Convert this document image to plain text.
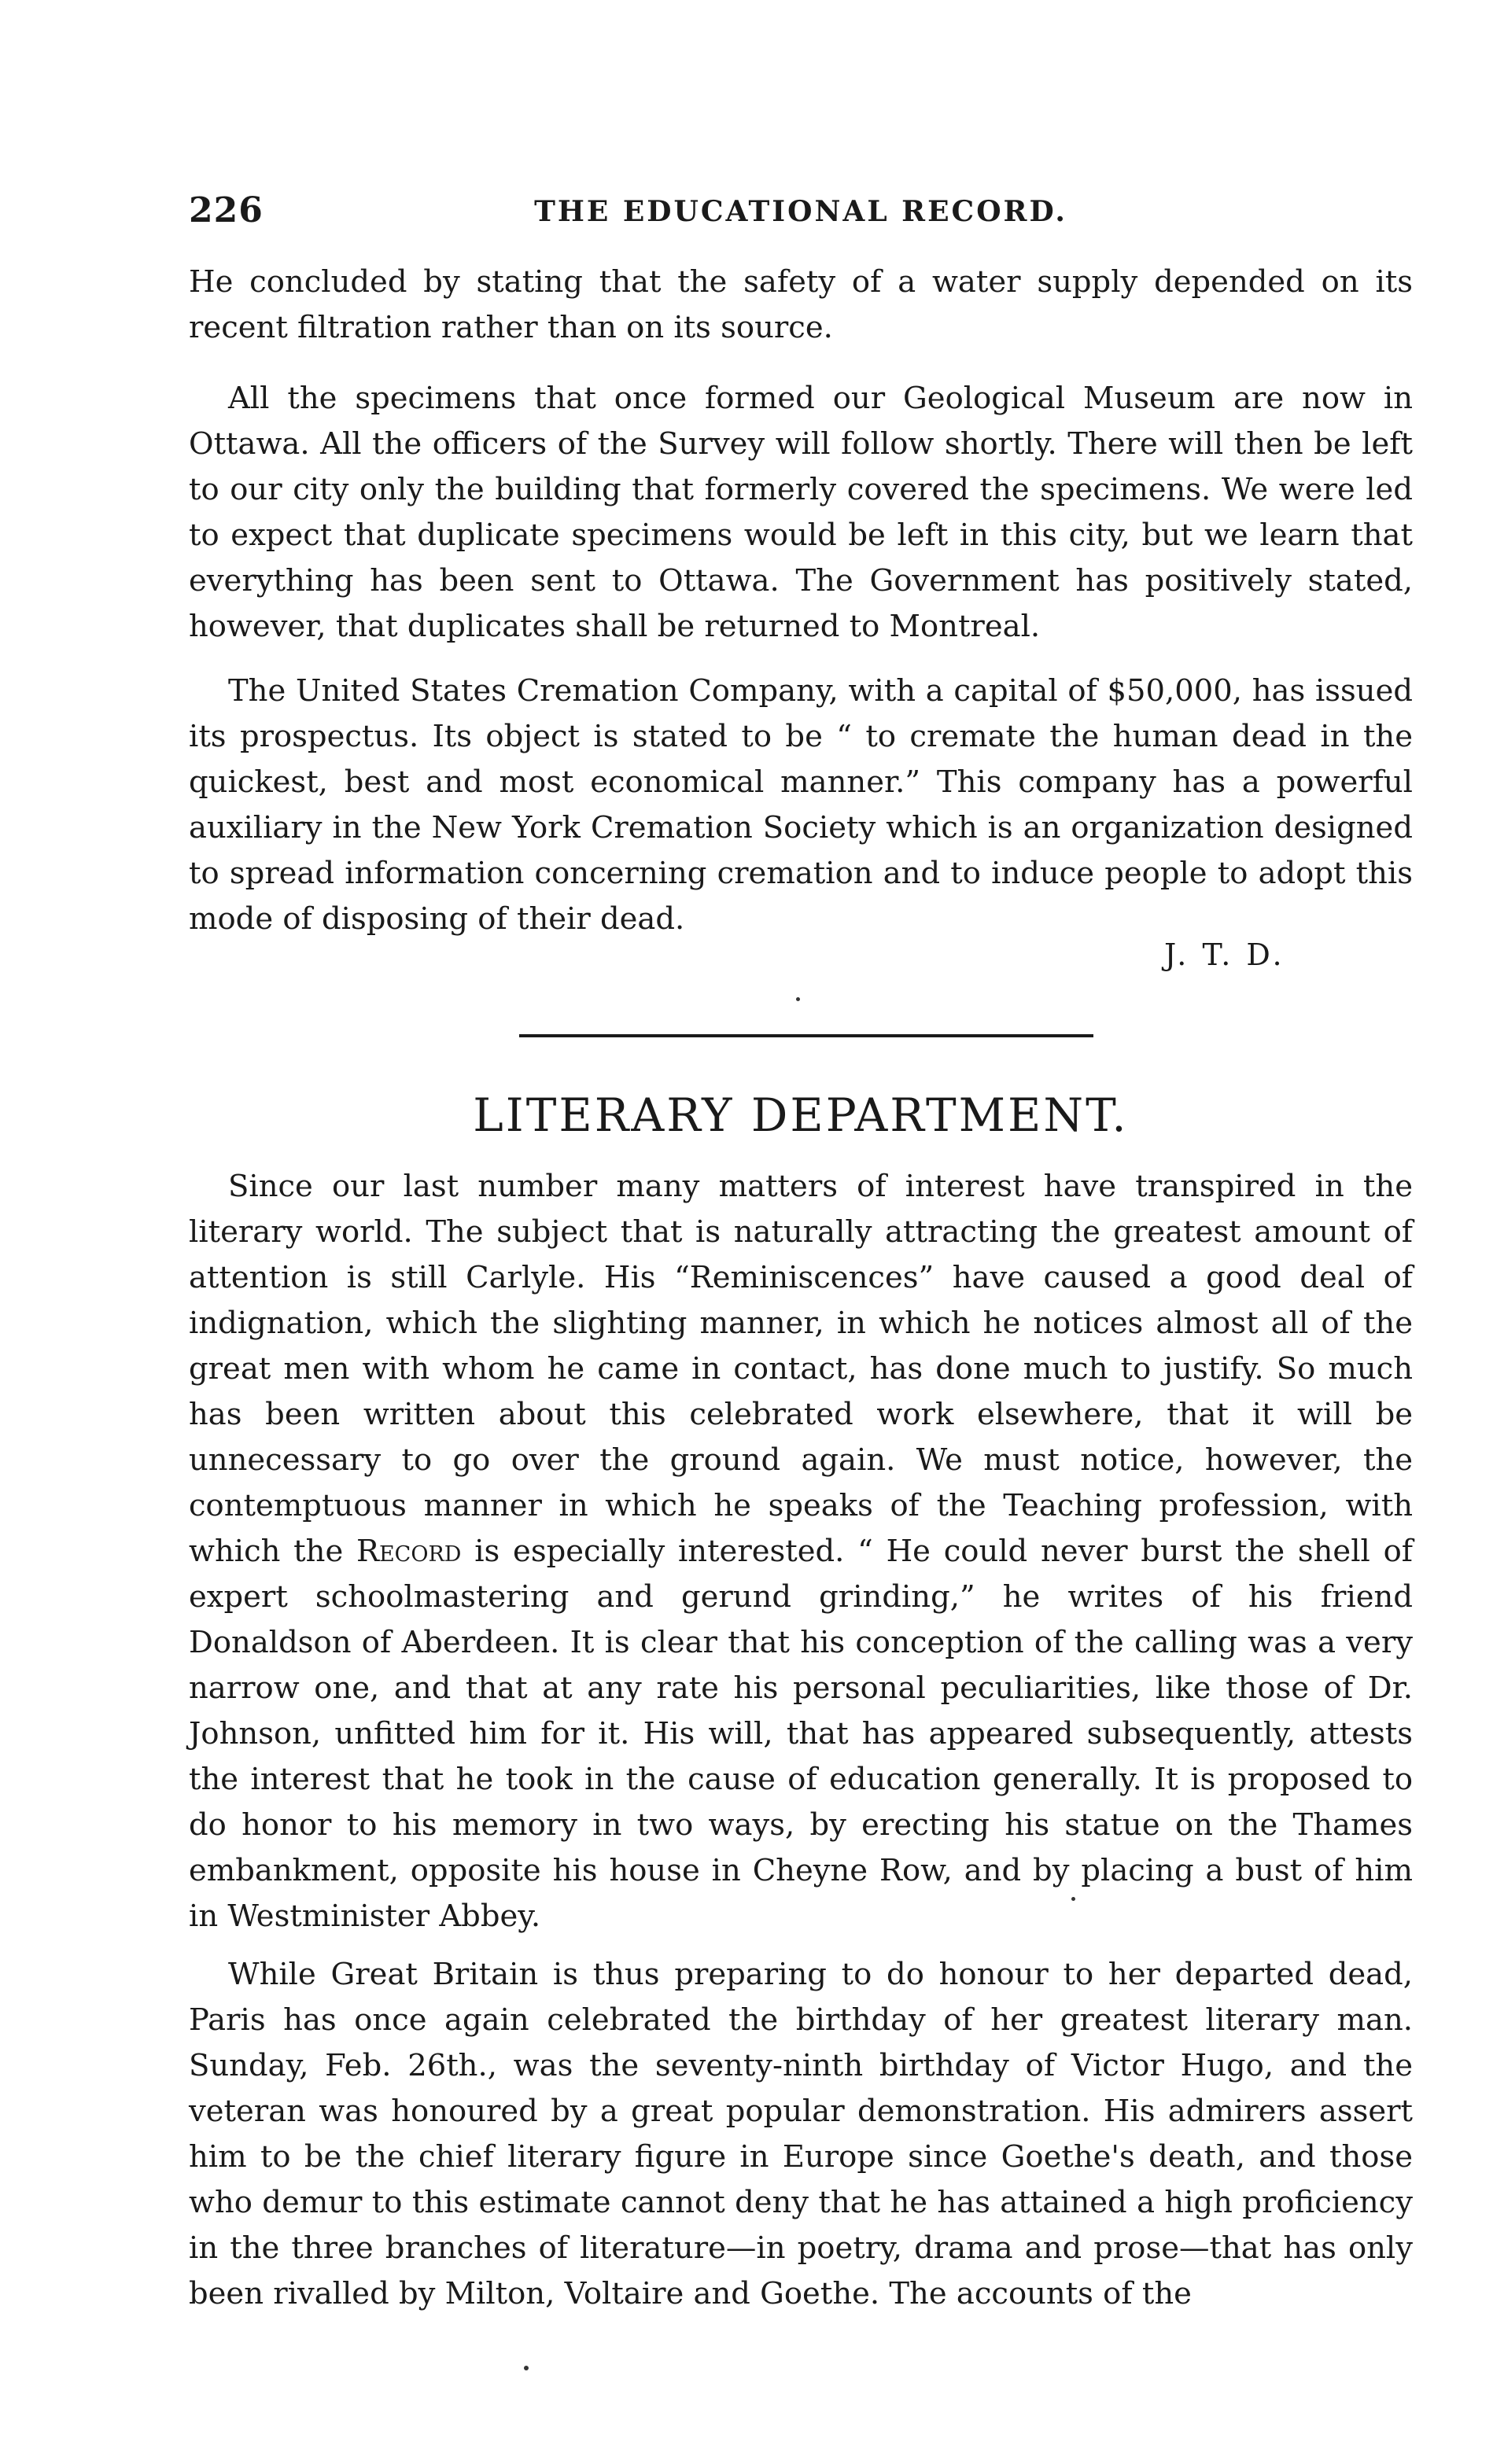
226	THE EDUCATIONAL RECORD.

He concluded by stating that the safety of a water supply depended on its recent filtration rather than on its source.

All the specimens that once formed our Geological Museum are now in Ottawa. All the officers of the Survey will follow shortly. There will then be left to our city only the building that formerly covered the specimens. We were led to expect that duplicate specimens would be left in this city, but we learn that everything has been sent to Ottawa. The Government has positively stated, however, that duplicates shall be returned to Montreal.

The United States Cremation Company, with a capital of $50,000, has issued its prospectus. Its object is stated to be “ to cremate the human dead in the quickest, best and most economical manner.” This company has a powerful auxiliary in the New York Cremation Society which is an organization designed to spread information concerning cremation and to induce people to adopt this mode of disposing of their dead.

J. T. D.
LITERARY DEPARTMENT.

Since our last number many matters of interest have transpired in the literary world. The subject that is naturally attracting the greatest amount of attention is still Carlyle. His “Reminiscences” have caused a good deal of indignation, which the slighting manner, in which he notices almost all of the great men with whom he came in contact, has done much to justify. So much has been written about this celebrated work elsewhere, that it will be unnecessary to go over the ground again. We must notice, however, the contemptuous manner in which he speaks of the Teaching profession, with which the Record is especially interested. “ He could never burst the shell of expert schoolmastering and gerund grinding,” he writes of his friend Donaldson of Aberdeen. It is clear that his conception of the calling was a very narrow one, and that at any rate his personal peculiarities, like those of Dr. Johnson, unfitted him for it. His will, that has appeared subsequently, attests the interest that he took in the cause of education generally. It is proposed to do honor to his memory in two ways, by erecting his statue on the Thames embankment, opposite his house in Cheyne Row, and by placing a bust of him in Westminister Abbey.

While Great Britain is thus preparing to do honour to her departed dead, Paris has once again celebrated the birthday of her greatest literary man. Sunday, Feb. 26th., was the seventy-ninth birthday of Victor Hugo, and the veteran was honoured by a great popular demonstration. His admirers assert him to be the chief literary figure in Europe since Goethe's death, and those who demur to this estimate cannot deny that he has attained a high proficiency in the three branches of literature—in poetry, drama and prose—that has only been rivalled by Milton, Voltaire and Goethe. The accounts of the
